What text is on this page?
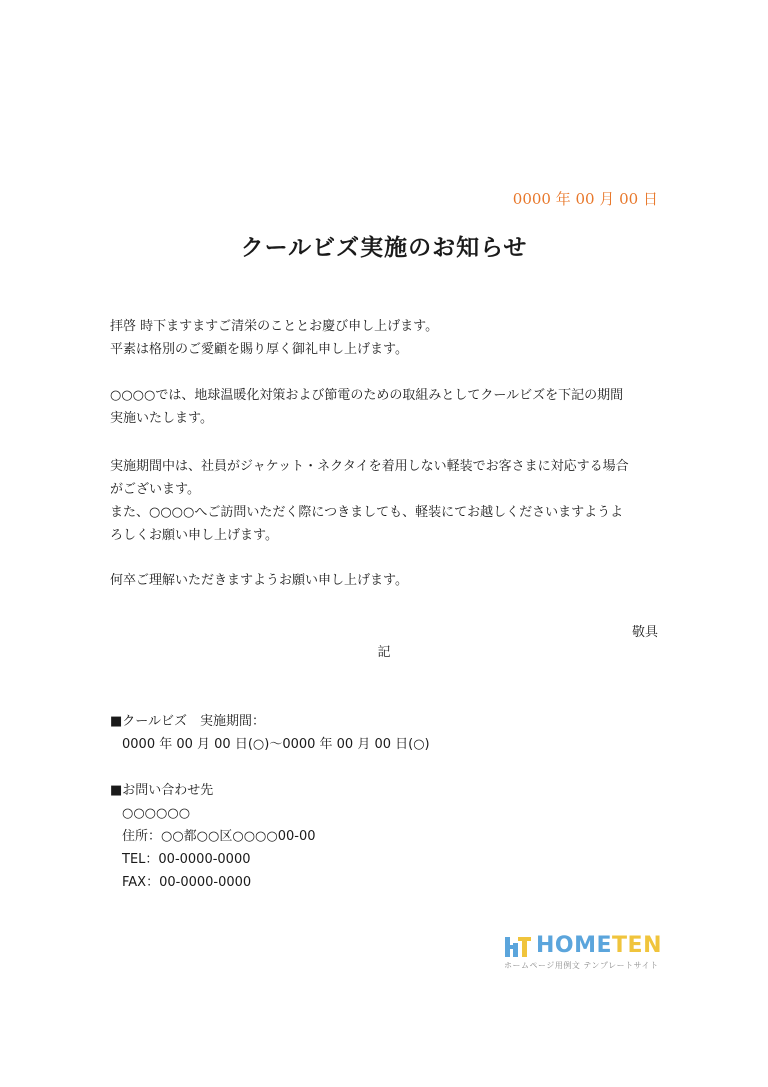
0000 年 00 月 00 日
クールビズ実施のお知らせ
拝啓 時下ますますご清栄のこととお慶び申し上げます。
平素は格別のご愛顧を賜り厚く御礼申し上げます。
○○○○では、地球温暖化対策および節電のための取組みとしてクールビズを下記の期間
実施いたします。
実施期間中は、社員がジャケット・ネクタイを着用しない軽装でお客さまに対応する場合
がございます。
また、○○○○へご訪問いただく際につきましても、軽装にてお越しくださいますようよ
ろしくお願い申し上げます。
何卒ご理解いただきますようお願い申し上げます。
敬具
記
■クールビズ　実施期間：
0000 年 00 月 00 日(○)～0000 年 00 月 00 日(○)
■お問い合わせ先
○○○○○○
住所：○○都○○区○○○○00-00
TEL：00-0000-0000
FAX：00-0000-0000
HOMETEN
ホームページ用例文 テンプレートサイト
